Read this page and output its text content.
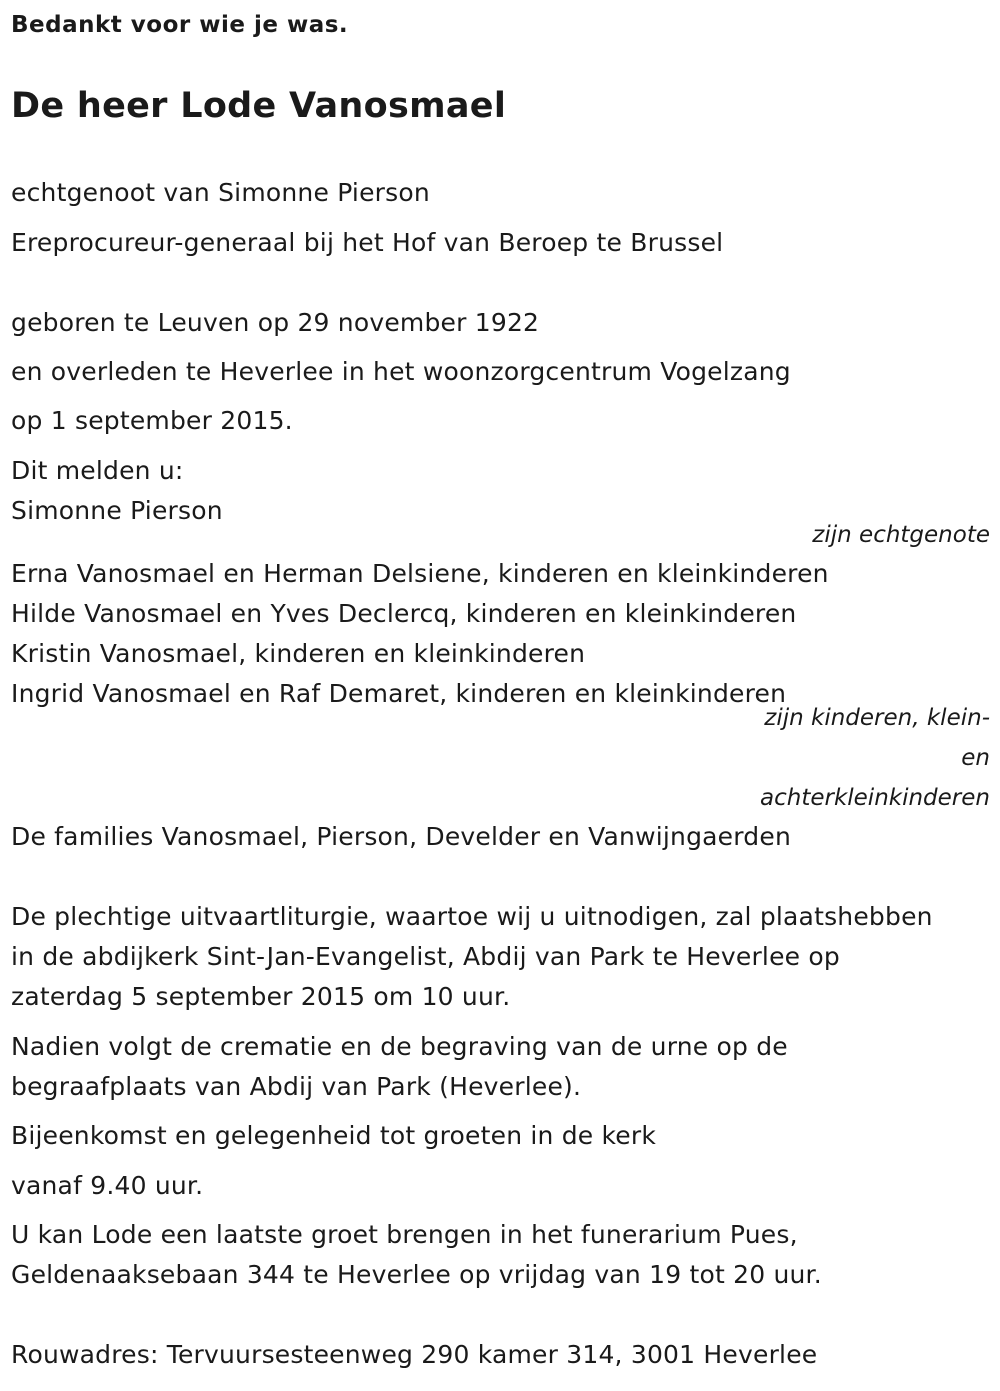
Bedankt voor wie je was.
De heer Lode Vanosmael
echtgenoot van Simonne Pierson
Ereprocureur-generaal bij het Hof van Beroep te Brussel
geboren te Leuven op 29 november 1922
en overleden te Heverlee in het woonzorgcentrum Vogelzang
op 1 september 2015.
Dit melden u:
Simonne Pierson
zijn echtgenote
Erna Vanosmael en Herman Delsiene, kinderen en kleinkinderen
Hilde Vanosmael en Yves Declercq, kinderen en kleinkinderen
Kristin Vanosmael, kinderen en kleinkinderen
Ingrid Vanosmael en Raf Demaret, kinderen en kleinkinderen
zijn kinderen, klein-
en
achterkleinkinderen
De families Vanosmael, Pierson, Develder en Vanwijngaerden
De plechtige uitvaartliturgie, waartoe wij u uitnodigen, zal plaatshebben
in de abdijkerk Sint-Jan-Evangelist, Abdij van Park te Heverlee op
zaterdag 5 september 2015 om 10 uur.
Nadien volgt de crematie en de begraving van de urne op de
begraafplaats van Abdij van Park (Heverlee).
Bijeenkomst en gelegenheid tot groeten in de kerk
vanaf 9.40 uur.
U kan Lode een laatste groet brengen in het funerarium Pues,
Geldenaaksebaan 344 te Heverlee op vrijdag van 19 tot 20 uur.
Rouwadres: Tervuursesteenweg 290 kamer 314, 3001 Heverlee
